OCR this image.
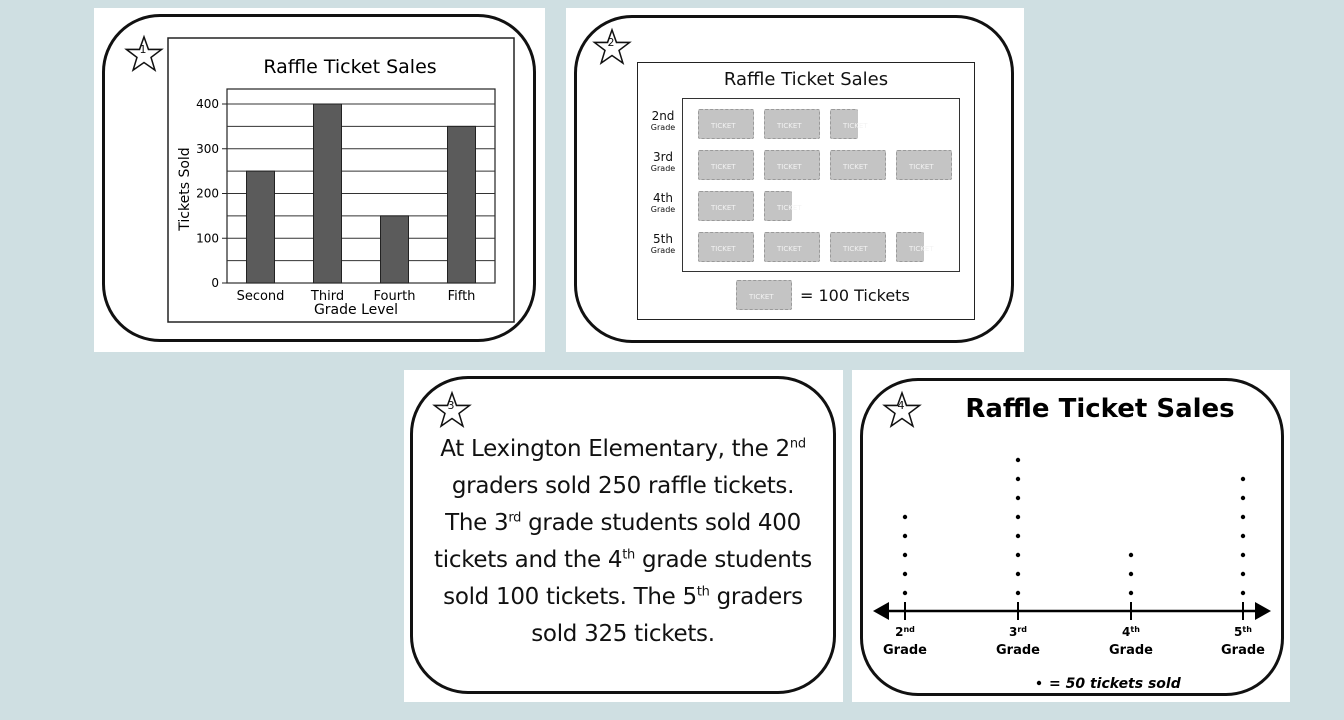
1
Raffle Ticket Sales
Tickets Sold
Grade Level
0
100
200
300
400
Second Third Fourth Fifth
2
Raffle Ticket Sales
2nd
Grade	TICKET	TICKET	TICKET
3rd
Grade	TICKET	TICKET	TICKET	TICKET
4th
Grade	TICKET	TICKET
5th
Grade	TICKET	TICKET	TICKET	TICKET
TICKET = 100 Tickets
3
At Lexington Elementary, the 2nd
graders sold 250 raffle tickets.
The 3rd grade students sold 400
tickets and the 4th grade students
sold 100 tickets. The 5th graders
sold 325 tickets.
4	Raffle Ticket Sales
2nd
Grade
3rd
Grade
4th
Grade
5th
Grade
= 50 tickets sold
